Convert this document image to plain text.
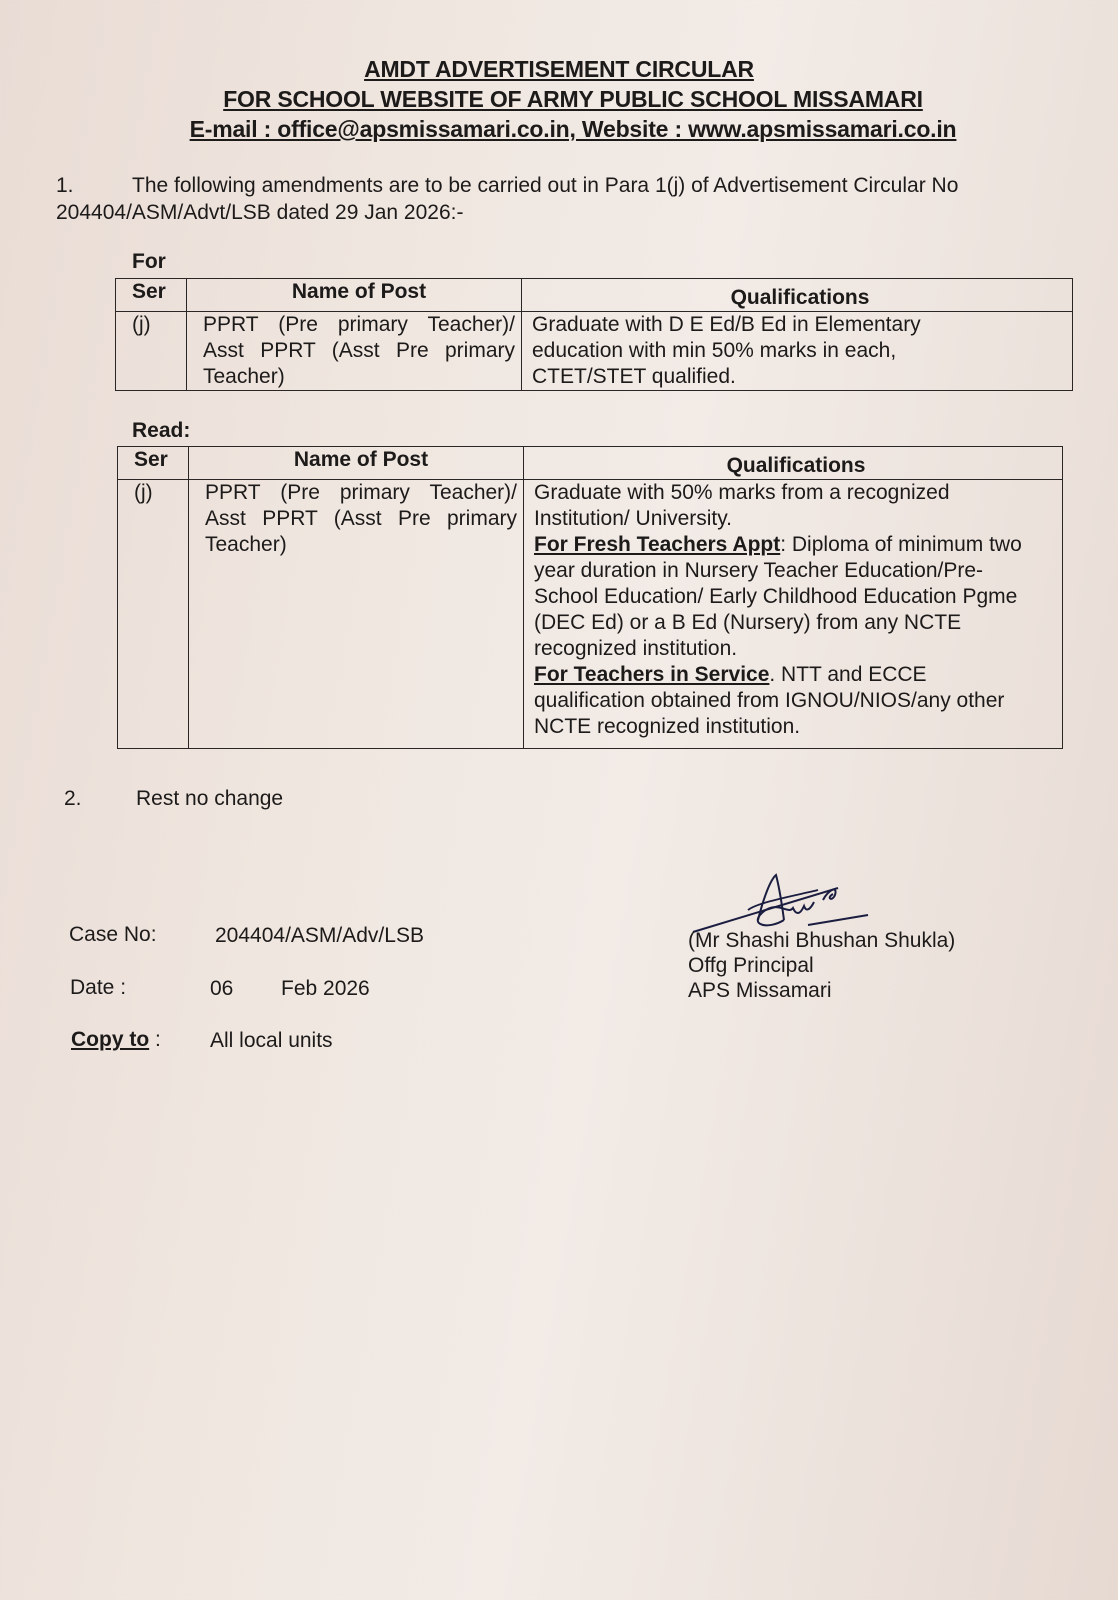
AMDT ADVERTISEMENT CIRCULAR
FOR SCHOOL WEBSITE OF ARMY PUBLIC SCHOOL MISSAMARI
E-mail : office@apsmissamari.co.in, Website : www.apsmissamari.co.in
1.	The following amendments are to be carried out in Para 1(j) of Advertisement Circular No 204404/ASM/Advt/LSB dated 29 Jan 2026:-
For
Ser	Name of Post	Qualifications
(j)	PPRT (Pre primary Teacher)/ Asst PPRT (Asst Pre primary Teacher)	Graduate with D E Ed/B Ed in Elementary education with min 50% marks in each, CTET/STET qualified.
Read:
Ser	Name of Post	Qualifications
(j)	PPRT (Pre primary Teacher)/ Asst PPRT (Asst Pre primary Teacher)	Graduate with 50% marks from a recognized Institution/ University.
For Fresh Teachers Appt: Diploma of minimum two year duration in Nursery Teacher Education/Pre-School Education/ Early Childhood Education Pgme (DEC Ed) or a B Ed (Nursery) from any NCTE recognized institution.
For Teachers in Service. NTT and ECCE qualification obtained from IGNOU/NIOS/any other NCTE recognized institution.
2.	Rest no change
Case No:	204404/ASM/Adv/LSB
Date :	06 Feb 2026
Copy to : All local units
(Mr Shashi Bhushan Shukla)
Offg Principal
APS Missamari
